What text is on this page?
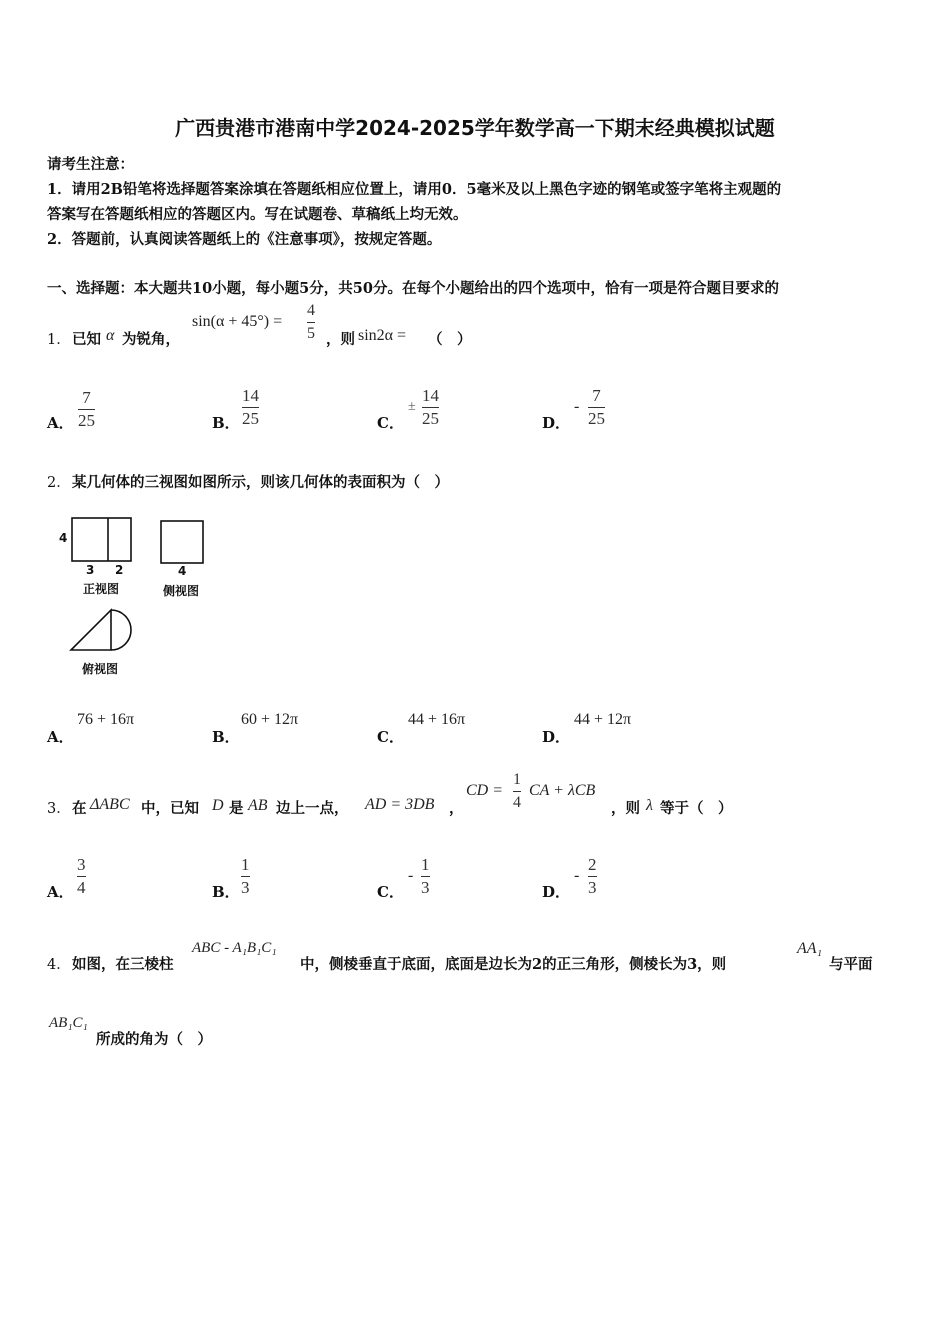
广西贵港市港南中学2024-2025学年数学高一下期末经典模拟试题
请考生注意：
1．请用2B铅笔将选择题答案涂填在答题纸相应位置上，请用0．5毫米及以上黑色字迹的钢笔或签字笔将主观题的
答案写在答题纸相应的答题区内。写在试题卷、草稿纸上均无效。
2．答题前，认真阅读答题纸上的《注意事项》，按规定答题。
一、选择题：本大题共10小题，每小题5分，共50分。在每个小题给出的四个选项中，恰有一项是符合题目要求的
1． 已知 α 为锐角，
sin(α + 45°) =
4
5 ，则 sin2α = （　）
A．
7
25	B．
14
25	C．
±
14
25	D．
-
7
25
2． 某几何体的三视图如图所示，则该几何体的表面积为（　）
4
3 2
正视图
4
侧视图
俯视图
A．
76 + 16π
B．
60 + 12π
C．
44 + 16π
D．
44 + 12π
3． 在 ΔABC 中，已知 D 是 AB 边上一点， AD = 3DB ，
CD =
1
4
CA + λCB
，则 λ 等于（　）
A．
3
4	B．
1
3	C．
-
1
3	D．
-
2
3
4． 如图，在三棱柱
ABC - A₁B₁C₁
中，侧棱垂直于底面，底面是边长为2的正三角形，侧棱长为3，则
AA₁
与平面
AB₁C₁
所成的角为（　）
